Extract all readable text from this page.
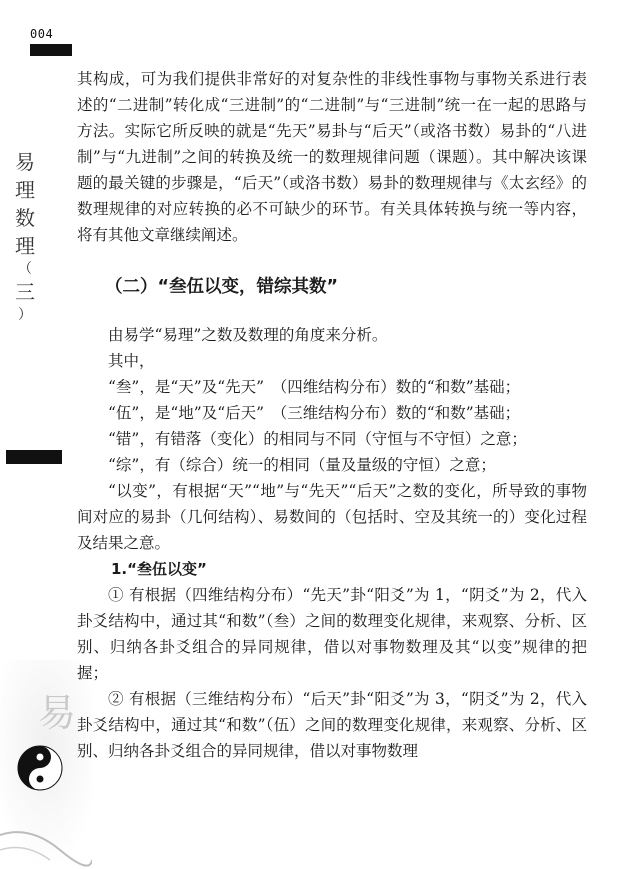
004
易
理
数
理
（
三
）
易

其构成，可为我们提供非常好的对复杂性的非线性事物与事物关系进行表述的“二进制”转化成“三进制”的“二进制”与“三进制”统一在一起的思路与方法。实际它所反映的就是“先天”易卦与“后天”（或洛书数）易卦的“八进制”与“九进制”之间的转换及统一的数理规律问题（课题）。其中解决该课题的最关键的步骤是，“后天”（或洛书数）易卦的数理规律与《太玄经》的数理规律的对应转换的必不可缺少的环节。有关具体转换与统一等内容，将有其他文章继续阐述。

（二）“叁伍以变，错综其数”

由易学“易理”之数及数理的角度来分析。

其中，

“叁”，是“天”及“先天”　（四维结构分布）数的“和数”基础；

“伍”，是“地”及“后天”　（三维结构分布）数的“和数”基础；

“错”，有错落（变化）的相同与不同（守恒与不守恒）之意；

“综”，有（综合）统一的相同（量及量级的守恒）之意；

“以变”，有根据“天”“地”与“先天”“后天”之数的变化，所导致的事物间对应的易卦（几何结构）、易数间的（包括时、空及其统一的）变化过程及结果之意。

1.“叁伍以变”

① 有根据（四维结构分布）“先天”卦“阳爻”为 1，“阴爻”为 2，代入卦爻结构中，通过其“和数”（叁）之间的数理变化规律，来观察、分析、区别、归纳各卦爻组合的异同规律，借以对事物数理及其“以变”规律的把握；

② 有根据（三维结构分布）“后天”卦“阳爻”为 3，“阴爻”为 2，代入卦爻结构中，通过其“和数”（伍）之间的数理变化规律，来观察、分析、区别、归纳各卦爻组合的异同规律，借以对事物数理
